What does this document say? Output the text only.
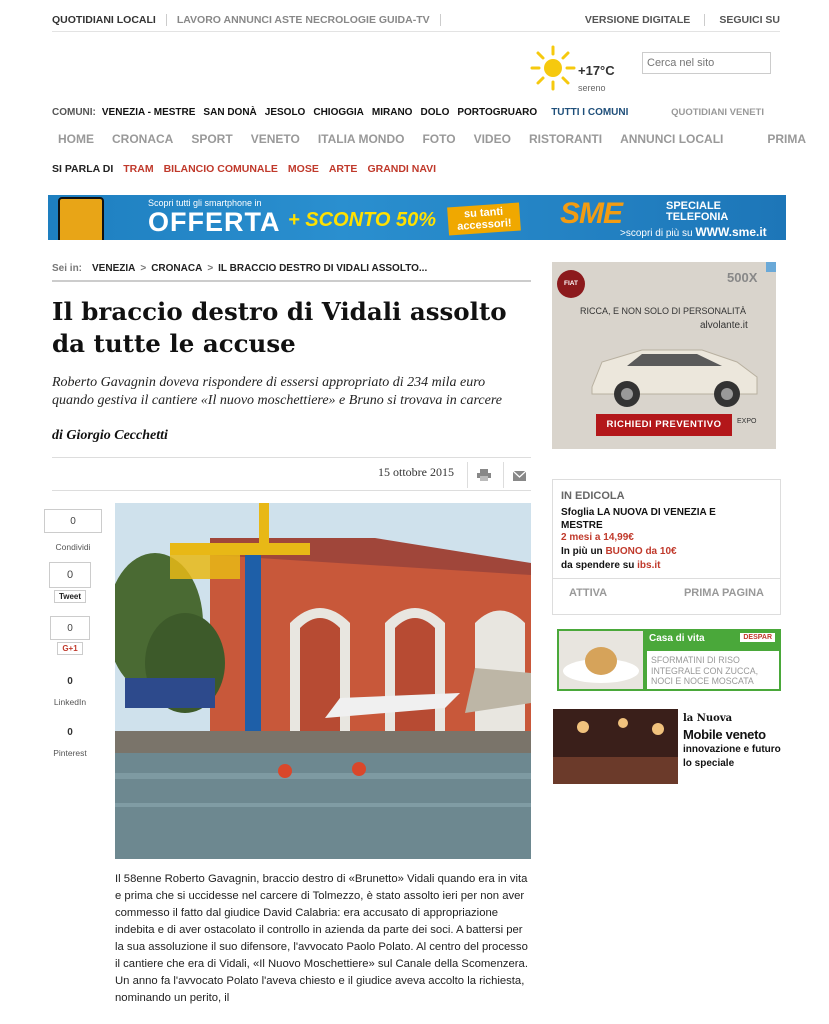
QUOTIDIANI LOCALI	LAVORO ANNUNCI ASTE NECROLOGIE GUIDA-TV	VERSIONE DIGITALE	SEGUICI SU
+17°C
sereno
Cerca nel sito
COMUNI: VENEZIA - MESTRE SAN DONÀ JESOLO CHIOGGIA MIRANO DOLO PORTOGRUARO TUTTI I COMUNI	QUOTIDIANI VENETI
HOME CRONACA SPORT VENETO ITALIA MONDO FOTO VIDEO RISTORANTI ANNUNCI LOCALI	PRIMA
SI PARLA DI TRAM BILANCIO COMUNALE MOSE ARTE GRANDI NAVI
Scopri tutti gli smartphone in
OFFERTA + SCONTO 50%	su tanti accessori! SME	SPECIALE TELEFONIA
>scopri di più su WWW.sme.it
Sei in: VENEZIA > CRONACA > IL BRACCIO DESTRO DI VIDALI ASSOLTO...
Il braccio destro di Vidali assolto da tutte le accuse

Roberto Gavagnin doveva rispondere di essersi appropriato di 234 mila euro quando gestiva il cantiere «Il nuovo moschettiere» e Bruno si trovava in carcere

di Giorgio Cecchetti
15 ottobre 2015
0
Condividi
0
Tweet
0
G+1
0
LinkedIn
0
Pinterest

Il 58enne Roberto Gavagnin, braccio destro di «Brunetto» Vidali quando era in vita e prima che si uccidesse nel carcere di Tolmezzo, è stato assolto ieri per non aver commesso il fatto dal giudice David Calabria: era accusato di appropriazione indebita e di aver ostacolato il controllo in azienda da parte dei soci. A battersi per la sua assoluzione il suo difensore, l'avvocato Paolo Polato. Al centro del processo il cantiere che era di Vidali, «Il Nuovo Moschettiere» sul Canale della Scomenzera. Un anno fa l'avvocato Polato l'aveva chiesto e il giudice aveva accolto la richiesta, nominando un perito, il

FIAT	500X
RICCA, E NON SOLO DI PERSONALITÀ
alvolante.it
RICHIEDI PREVENTIVO	EXPO
IN EDICOLA
Sfoglia LA NUOVA DI VENEZIA E MESTRE
2 mesi a 14,99€
In più un BUONO da 10€
da spendere su ibs.it
ATTIVA	PRIMA PAGINA
Casa di vita	DESPAR
SFORMATINI DI RISO INTEGRALE CON ZUCCA, NOCI E NOCE MOSCATA
la Nuova
Mobile veneto
innovazione e futuro
lo speciale
